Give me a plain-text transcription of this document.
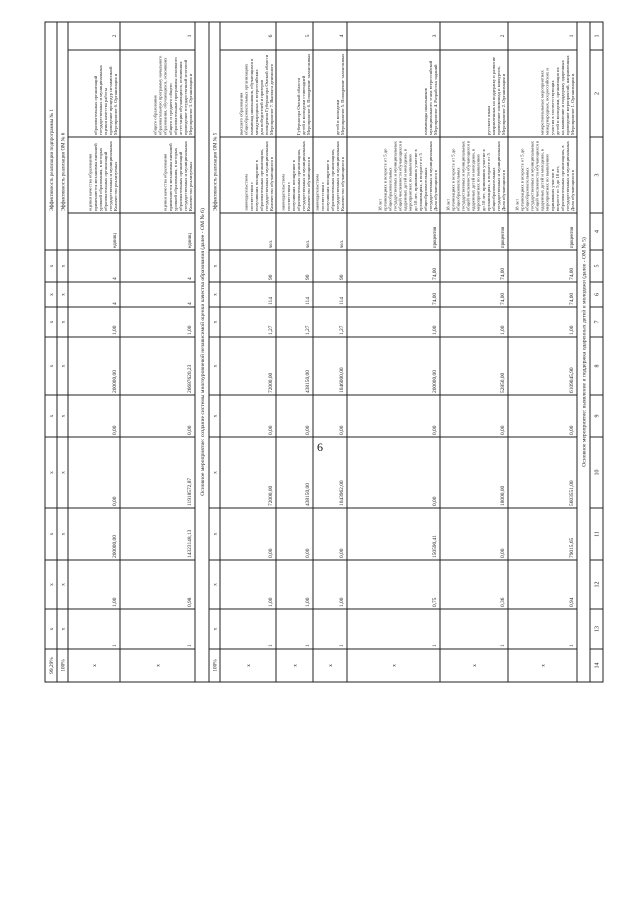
6
1
2
3
4
5
6
7
8
9
10
11
12
13
14
Основное мероприятие: выявление и поддержка одаренных детей и молодежи (далее - ОМ № 5)
Основное мероприятие: создание системы многоуровневой независимой оценки качества образования (далее - ОМ № 6)
1
Мероприятие 1. Организация и
проведение мероприятий, направленных
на выявление и поддержку одаренных
детей и молодежи, организация их
участия в соответствующих
международных, всероссийских и
межрегиональных мероприятиях
Доля обучающихся в
государственных и муниципальных
образовательных организациях, в
возрасте от 5 до 18 лет,
принявших участие в
мероприятиях по выявлению
одаренных детей и молодежи, в
общей численности обучающихся в
государственных и муниципальных
общеобразовательных
организациях в возрасте от 5 до
18 лет
процентов
74,00
74,00
1,00
6109045,90
0,00
5603551,00
79015,65
0,94
1
x
2
Мероприятие 2. Организация и
проведение олимпиад и конкурсов,
направленных на поддержку и развитие
русского языка
Доля обучающихся в
государственных и муниципальных
общеобразовательных
организациях, в возрасте от 5
до 18 лет, принявших участие в
мероприятиях по выявлению
одаренных детей и молодежи, в
общей численности обучающихся в
государственных и муниципальных
общеобразовательных
организациях в возрасте от 5 до
18 лет
процентов
74,00
74,00
1,00
52850,00
0,00
18000,00
0,00
0,36
1
x
3
Мероприятие 4. Разработка заданий
муниципального этапа всероссийской
олимпиады школьников
Доля обучающихся в
государственных и муниципальных
общеобразовательных
организациях, в возрасте от 5
до 18 лет, принявших участие в
мероприятиях по выявлению
одаренных детей и молодежи, в
общей численности обучающихся в
государственных и муниципальных
общеобразовательных
организациях в возрасте от 5 до
18 лет
процентов
74,00
74,00
1,00
200000,00
0,00
0,00
150590,41
0,75
1
x
4
Мероприятие 5. Поощрение талантливых
детей и молодежи
Количество обучающихся в
государственных и муниципальных
образовательных организациях,
получивших поощрение в
соответствии с
законодательством
чел.
90
114
1,27
1046000,00
0,00
1043962,00
0,00
1,00
1
x
5
Мероприятие 6. Поощрение талантливых
детей и молодежи стипендией
Губернатора Омской области
Количество обучающихся в
государственных и муниципальных
образовательных организациях,
получивших поощрение в
соответствии с
законодательством
чел.
90
114
1,27
438150,00
0,00
438150,00
0,00
1,00
1
x
6
Мероприятие 7. Выплата денежного
поощрения Губернатора Омской области
для победителей и призеров
международных и всероссийских
олимпиад школьников, обучающихся в
общеобразовательных организациях
высшего образования
Количество обучающихся в
государственных и муниципальных
образовательных организациях,
получивших поощрение в
соответствии с
законодательством
чел.
90
114
1,27
72000,00
0,00
72000,00
0,00
1,00
1
x
1
Мероприятие 3. Организация и
проведение государственной итоговой
аттестации обучающихся, освоивших
образовательные программы основного
общего и среднего общего
образования, обучающихся, освоивших
образовательную программу начального
общего образования
Количество реализуемых
государственных и муниципальных
образовательных организаций
уровней образования, в которых
применяются механизмы внешней
оценки качества образования
единиц
4
4
1,00
26687620,23
0,00
11918572,87
14323148,13
0,98
1
x
2
Мероприятие 6. Организация и
проведение процедур независимой
оценки качества работы
государственных и муниципальных
образовательных организаций
Количество реализуемых
государственных и муниципальных
образовательных организаций
уровней образования, в которых
применяются механизмы внешней
оценки качества образования
единиц
4
4
1,00
200000,00
0,00
0,00
200000,00
1,00
1
x
Эффективность реализации ОМ № 5
x
x
x
x
x
x
x
x
x
100%
Эффективность реализации ОМ № 6
x
x
x
x
x
x
x
x
x
100%
Эффективность реализации подпрограммы № 1
x
x
x
x
x
x
x
x
x
99,29%
